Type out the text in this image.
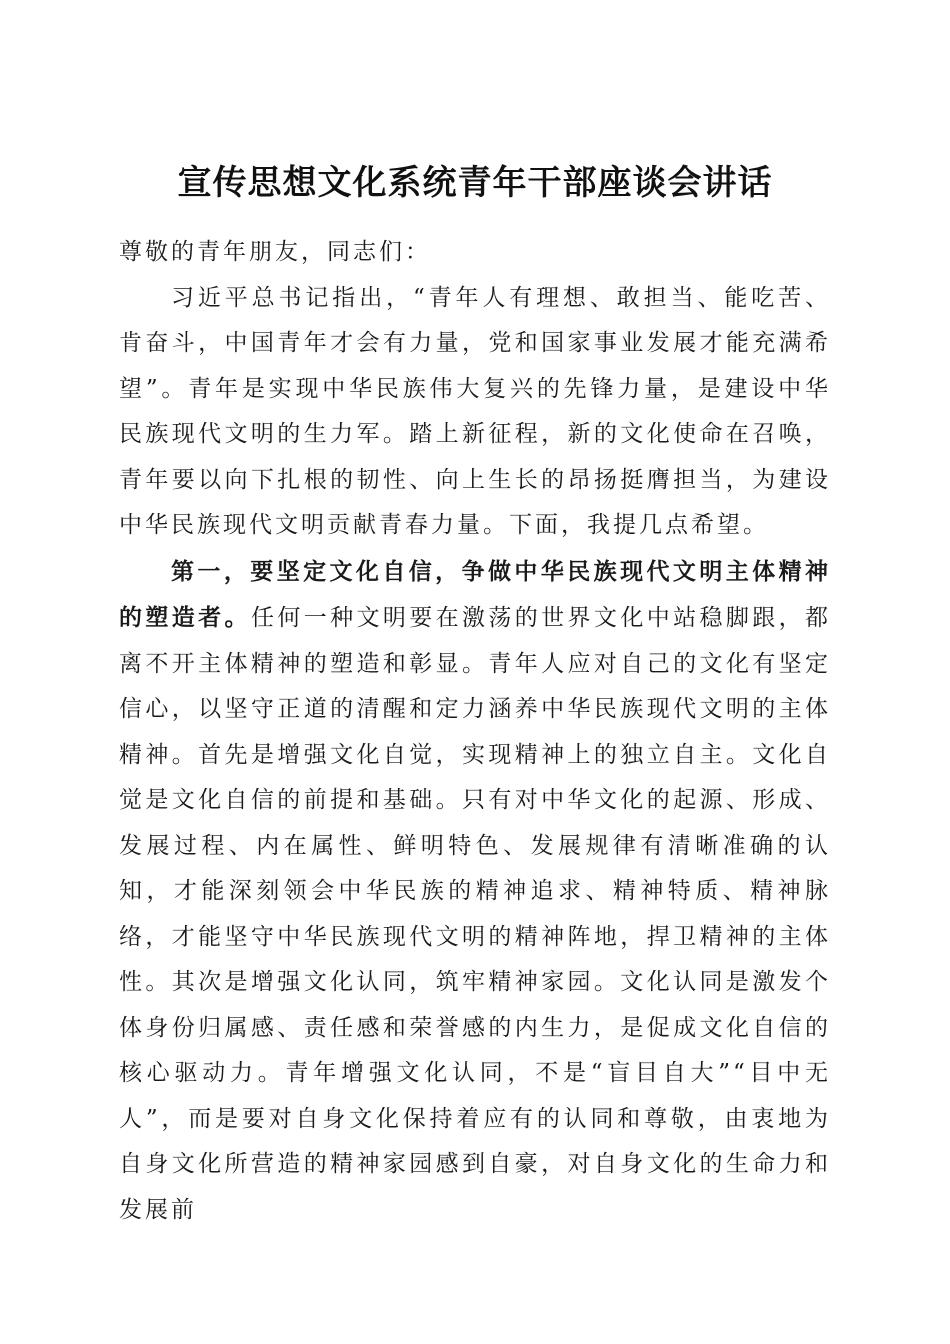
宣传思想文化系统青年干部座谈会讲话

尊敬的青年朋友，同志们：

习近平总书记指出，“青年人有理想、敢担当、能吃苦、肯奋斗，中国青年才会有力量，党和国家事业发展才能充满希望”。青年是实现中华民族伟大复兴的先锋力量，是建设中华民族现代文明的生力军。踏上新征程，新的文化使命在召唤，青年要以向下扎根的韧性、向上生长的昂扬挺膺担当，为建设中华民族现代文明贡献青春力量。下面，我提几点希望。

第一，要坚定文化自信，争做中华民族现代文明主体精神的塑造者。任何一种文明要在激荡的世界文化中站稳脚跟，都离不开主体精神的塑造和彰显。青年人应对自己的文化有坚定信心，以坚守正道的清醒和定力涵养中华民族现代文明的主体精神。首先是增强文化自觉，实现精神上的独立自主。文化自觉是文化自信的前提和基础。只有对中华文化的起源、形成、发展过程、内在属性、鲜明特色、发展规律有清晰准确的认知，才能深刻领会中华民族的精神追求、精神特质、精神脉络，才能坚守中华民族现代文明的精神阵地，捍卫精神的主体性。其次是增强文化认同，筑牢精神家园。文化认同是激发个体身份归属感、责任感和荣誉感的内生力，是促成文化自信的核心驱动力。青年增强文化认同，不是“盲目自大”“目中无人”，而是要对自身文化保持着应有的认同和尊敬，由衷地为自身文化所营造的精神家园感到自豪，对自身文化的生命力和发展前
